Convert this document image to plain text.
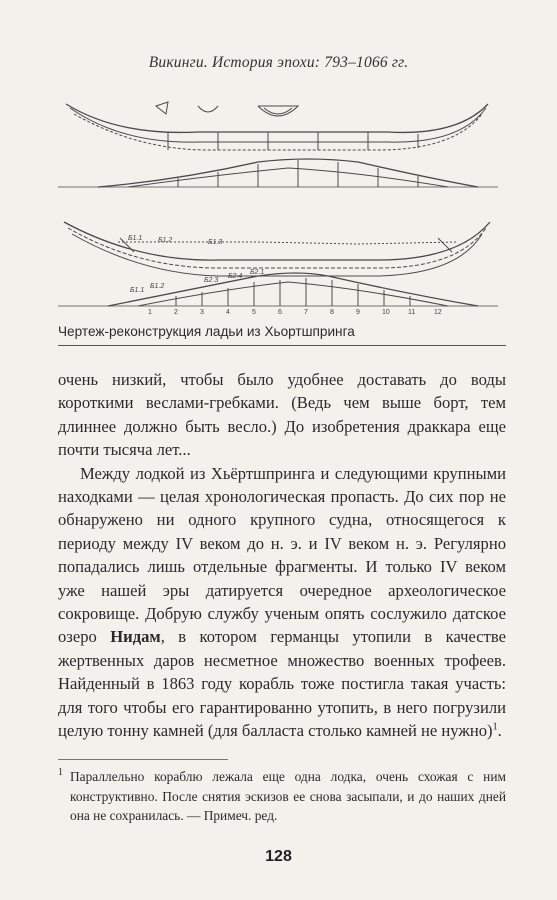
Викинги. История эпохи: 793–1066 гг.
Б1.1 Б1.2	Б1.3
Б1.1
Б1.2
Б2.3
Б2.4
Б2.1
1	2	3	4	5	6	7	8	9	10	11	12
Чертеж-реконструкция ладьи из Хьортшпринга

очень низкий, чтобы было удобнее доставать до воды короткими веслами-гребками. (Ведь чем выше борт, тем длиннее должно быть весло.) До изобретения драккара еще почти тысяча лет...

Между лодкой из Хьёртшпринга и следующими крупными находками — целая хронологическая пропасть. До сих пор не обнаружено ни одного крупного судна, относящегося к периоду между IV веком до н. э. и IV веком н. э. Регулярно попадались лишь отдельные фрагменты. И только IV веком уже нашей эры датируется очередное археологическое сокровище. Добрую службу ученым опять сослужило датское озеро Нидам, в котором германцы утопили в качестве жертвенных даров несметное множество военных трофеев. Найденный в 1863 году корабль тоже постигла такая участь: для того чтобы его гарантированно утопить, в него погрузили целую тонну камней (для балласта столько камней не нужно)$^1$.

1 Параллельно кораблю лежала еще одна лодка, очень схожая с ним конструктивно. После снятия эскизов ее снова засыпали, и до наших дней она не сохранилась. — Примеч. ред.
128
